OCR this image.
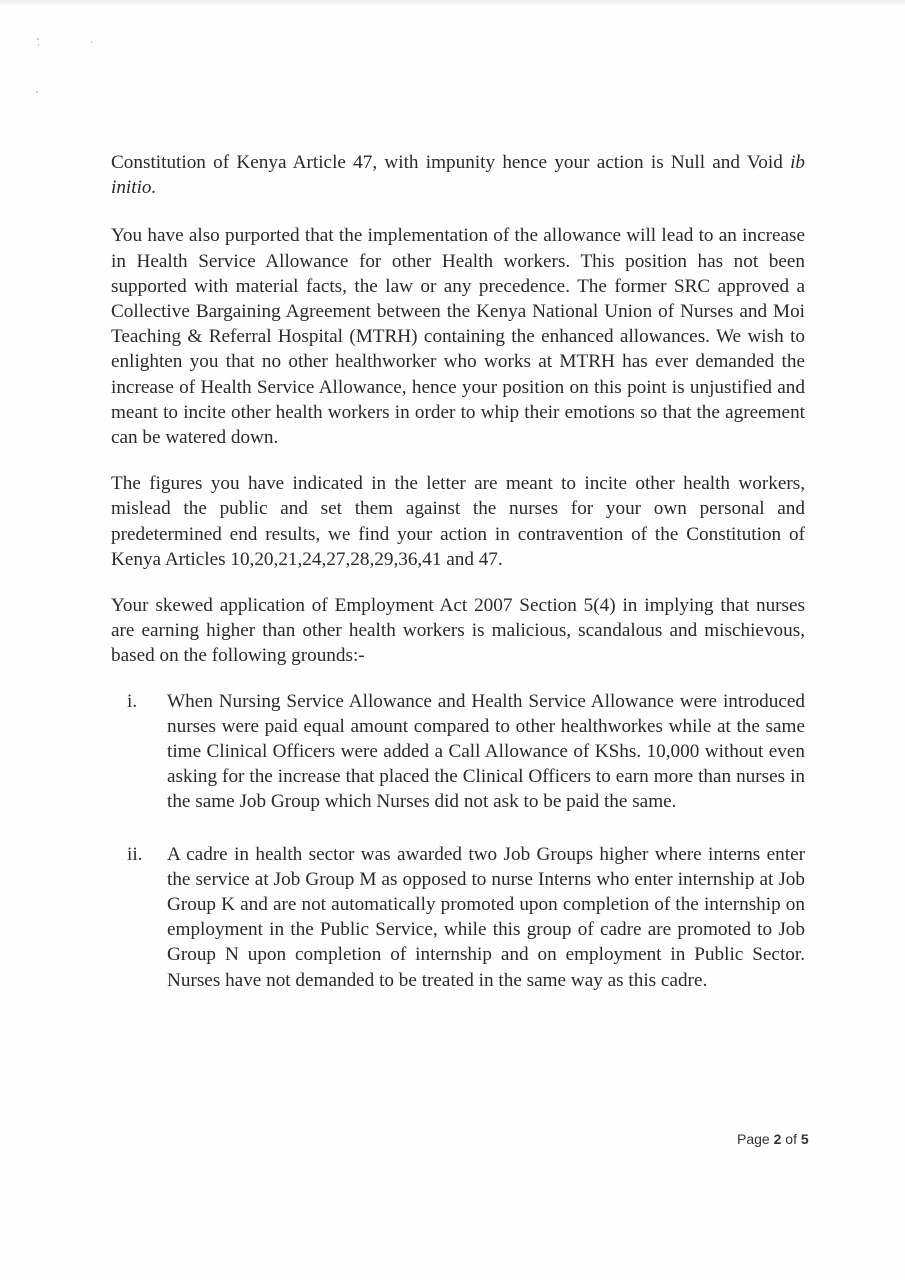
Constitution of Kenya Article 47, with impunity hence your action is Null and Void ib initio.

You have also purported that the implementation of the allowance will lead to an increase in Health Service Allowance for other Health workers. This position has not been supported with material facts, the law or any precedence. The former SRC approved a Collective Bargaining Agreement between the Kenya National Union of Nurses and Moi Teaching & Referral Hospital (MTRH) containing the enhanced allowances. We wish to enlighten you that no other healthworker who works at MTRH has ever demanded the increase of Health Service Allowance, hence your position on this point is unjustified and meant to incite other health workers in order to whip their emotions so that the agreement can be watered down.

The figures you have indicated in the letter are meant to incite other health workers, mislead the public and set them against the nurses for your own personal and predetermined end results, we find your action in contravention of the Constitution of Kenya Articles 10,20,21,24,27,28,29,36,41 and 47.

Your skewed application of Employment Act 2007 Section 5(4) in implying that nurses are earning higher than other health workers is malicious, scandalous and mischievous, based on the following grounds:-

i.	When Nursing Service Allowance and Health Service Allowance were introduced nurses were paid equal amount compared to other healthworkes while at the same time Clinical Officers were added a Call Allowance of KShs. 10,000 without even asking for the increase that placed the Clinical Officers to earn more than nurses in the same Job Group which Nurses did not ask to be paid the same.
ii.	A cadre in health sector was awarded two Job Groups higher where interns enter the service at Job Group M as opposed to nurse Interns who enter internship at Job Group K and are not automatically promoted upon completion of the internship on employment in the Public Service, while this group of cadre are promoted to Job Group N upon completion of internship and on employment in Public Sector. Nurses have not demanded to be treated in the same way as this cadre.
Page 2 of 5
